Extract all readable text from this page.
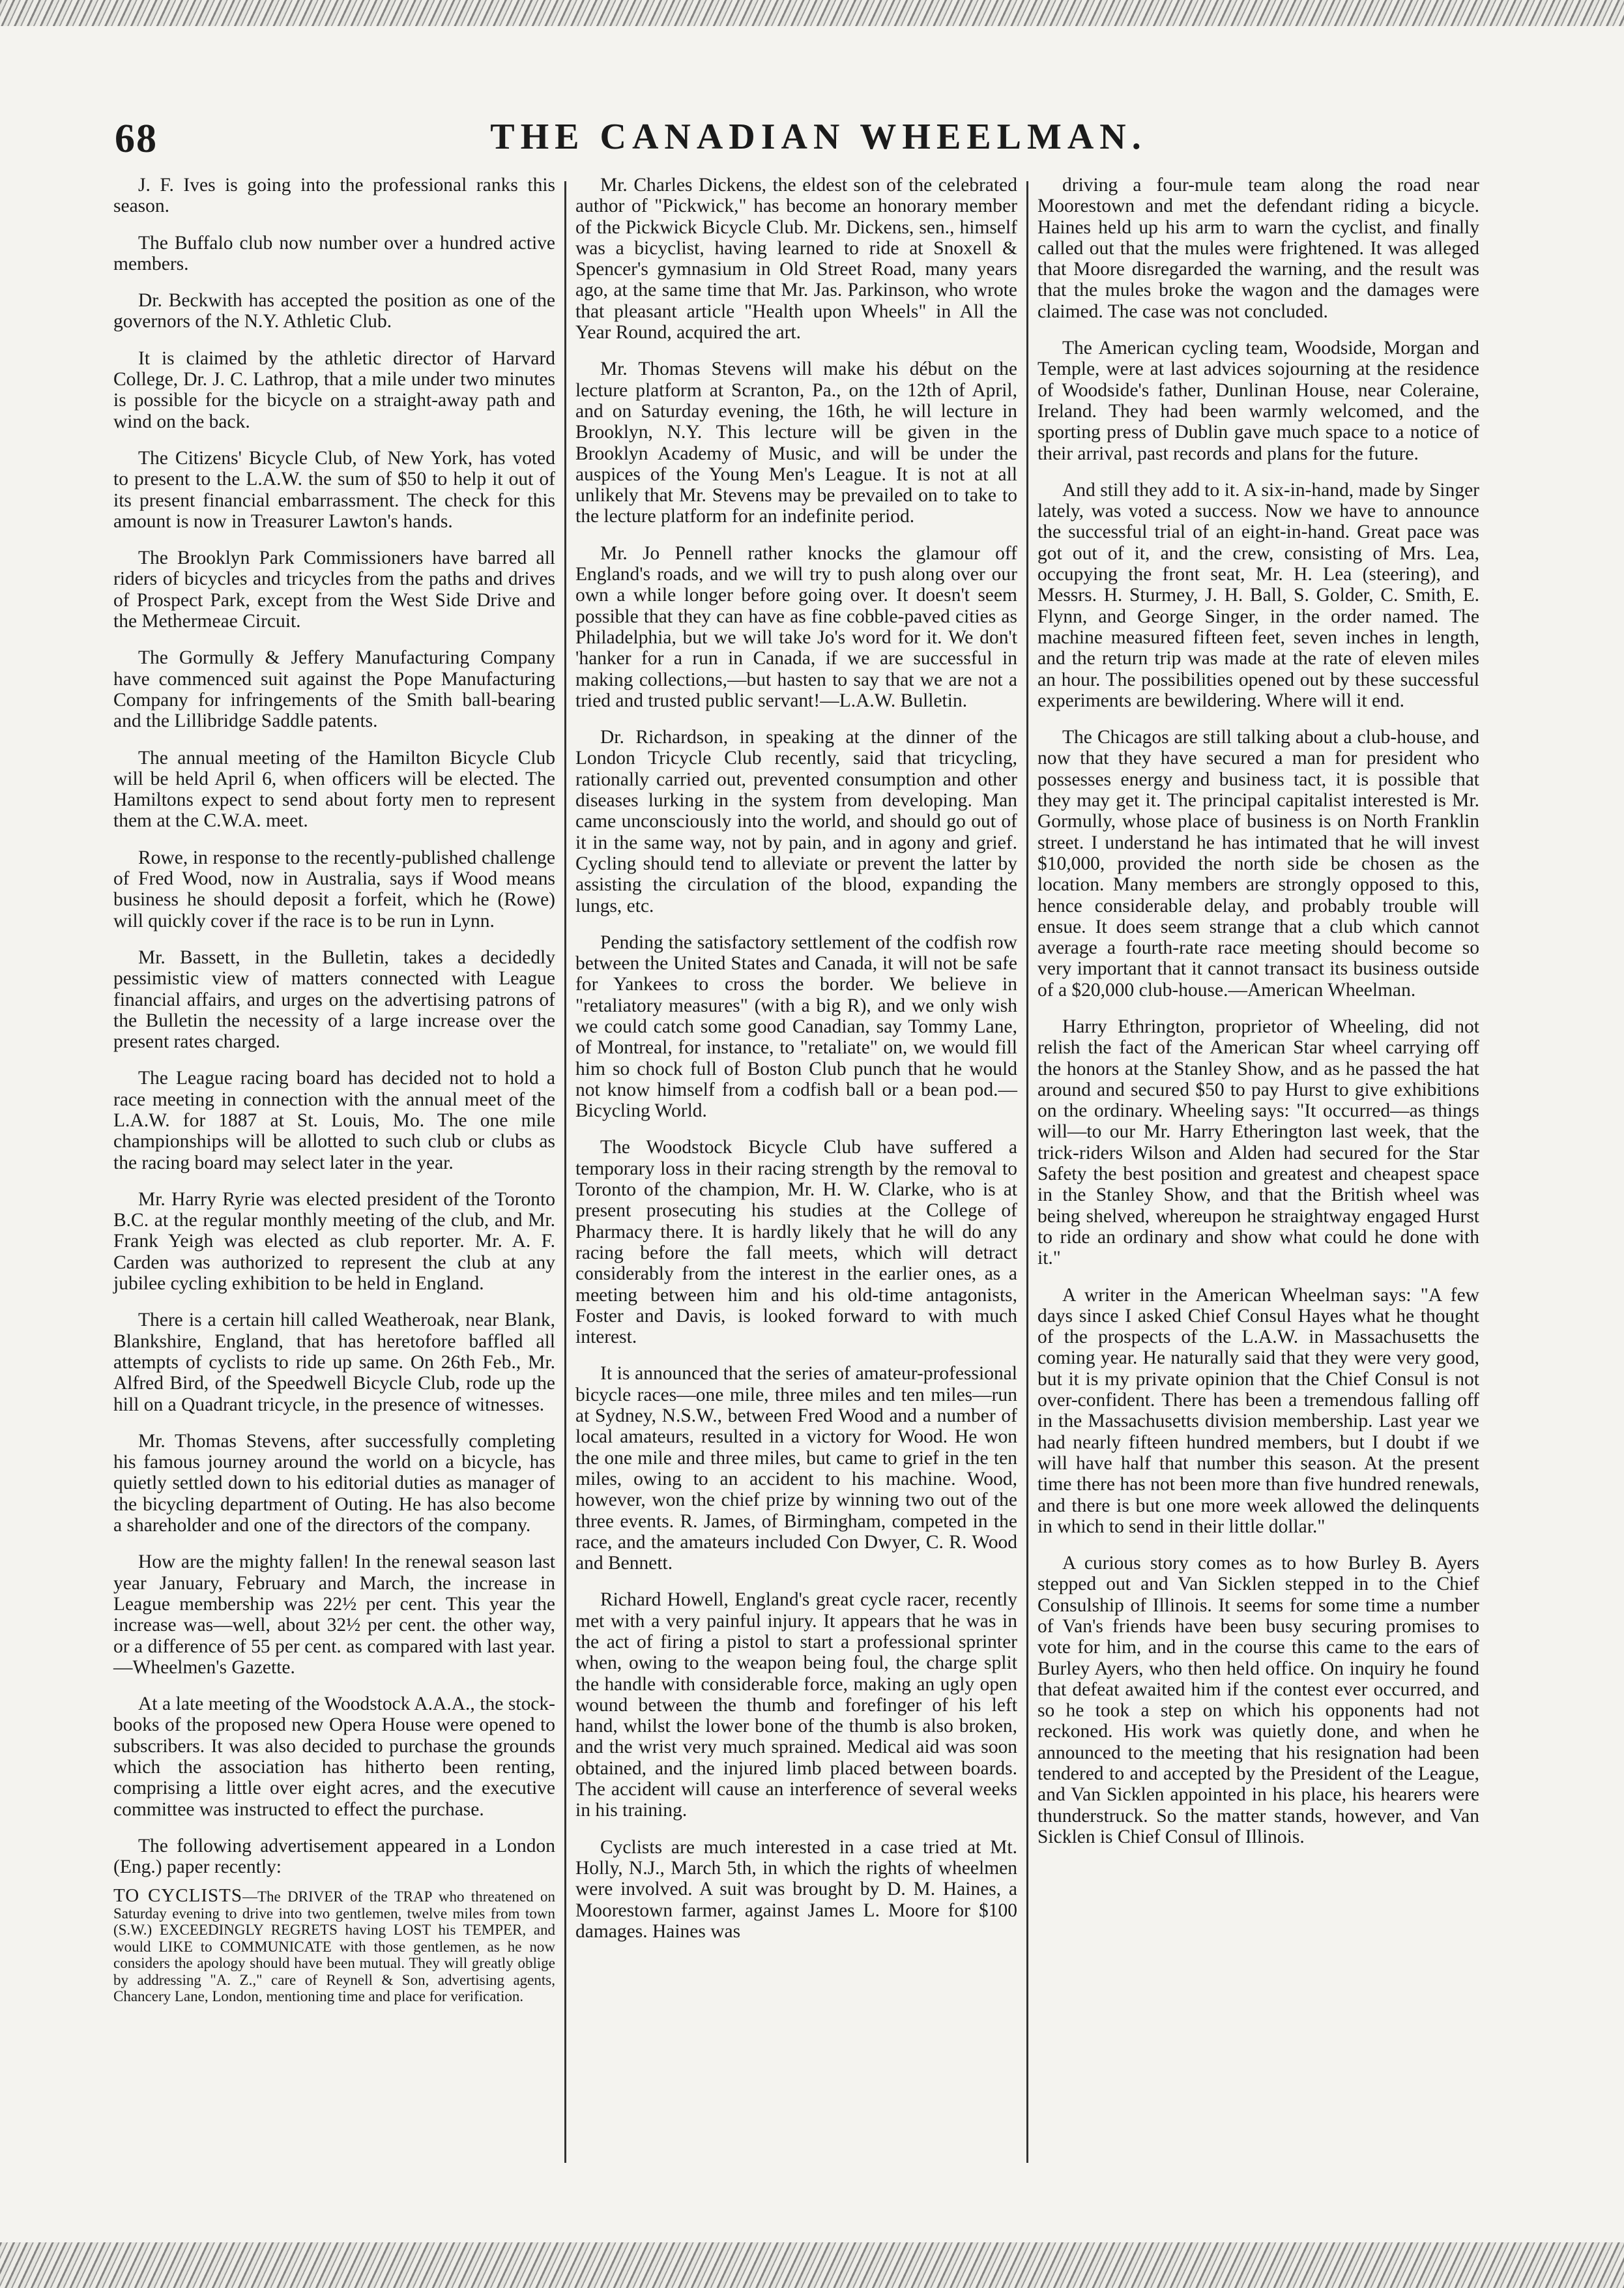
68	THE CANADIAN WHEELMAN.

J. F. Ives is going into the professional ranks this season.

The Buffalo club now number over a hundred active members.

Dr. Beckwith has accepted the position as one of the governors of the N.Y. Athletic Club.

It is claimed by the athletic director of Harvard College, Dr. J. C. Lathrop, that a mile under two minutes is possible for the bicycle on a straight-away path and wind on the back.

The Citizens' Bicycle Club, of New York, has voted to present to the L.A.W. the sum of $50 to help it out of its present financial embarrassment. The check for this amount is now in Treasurer Lawton's hands.

The Brooklyn Park Commissioners have barred all riders of bicycles and tricycles from the paths and drives of Prospect Park, except from the West Side Drive and the Methermeae Circuit.

The Gormully & Jeffery Manufacturing Company have commenced suit against the Pope Manufacturing Company for infringements of the Smith ball-bearing and the Lillibridge Saddle patents.

The annual meeting of the Hamilton Bicycle Club will be held April 6, when officers will be elected. The Hamiltons expect to send about forty men to represent them at the C.W.A. meet.

Rowe, in response to the recently-published challenge of Fred Wood, now in Australia, says if Wood means business he should deposit a forfeit, which he (Rowe) will quickly cover if the race is to be run in Lynn.

Mr. Bassett, in the Bulletin, takes a decidedly pessimistic view of matters connected with League financial affairs, and urges on the advertising patrons of the Bulletin the necessity of a large increase over the present rates charged.

The League racing board has decided not to hold a race meeting in connection with the annual meet of the L.A.W. for 1887 at St. Louis, Mo. The one mile championships will be allotted to such club or clubs as the racing board may select later in the year.

Mr. Harry Ryrie was elected president of the Toronto B.C. at the regular monthly meeting of the club, and Mr. Frank Yeigh was elected as club reporter. Mr. A. F. Carden was authorized to represent the club at any jubilee cycling exhibition to be held in England.

There is a certain hill called Weatheroak, near Blank, Blankshire, England, that has heretofore baffled all attempts of cyclists to ride up same. On 26th Feb., Mr. Alfred Bird, of the Speedwell Bicycle Club, rode up the hill on a Quadrant tricycle, in the presence of witnesses.

Mr. Thomas Stevens, after successfully completing his famous journey around the world on a bicycle, has quietly settled down to his editorial duties as manager of the bicycling department of Outing. He has also become a shareholder and one of the directors of the company.

How are the mighty fallen! In the renewal season last year January, February and March, the increase in League membership was 22½ per cent. This year the increase was—well, about 32½ per cent. the other way, or a difference of 55 per cent. as compared with last year.—Wheelmen's Gazette.

At a late meeting of the Woodstock A.A.A., the stock-books of the proposed new Opera House were opened to subscribers. It was also decided to purchase the grounds which the association has hitherto been renting, comprising a little over eight acres, and the executive committee was instructed to effect the purchase.

The following advertisement appeared in a London (Eng.) paper recently:

TO CYCLISTS—The DRIVER of the TRAP who threatened on Saturday evening to drive into two gentlemen, twelve miles from town (S.W.) EXCEEDINGLY REGRETS having LOST his TEMPER, and would LIKE to COMMUNICATE with those gentlemen, as he now considers the apology should have been mutual. They will greatly oblige by addressing "A. Z.," care of Reynell & Son, advertising agents, Chancery Lane, London, mentioning time and place for verification.

Mr. Charles Dickens, the eldest son of the celebrated author of "Pickwick," has become an honorary member of the Pickwick Bicycle Club. Mr. Dickens, sen., himself was a bicyclist, having learned to ride at Snoxell & Spencer's gymnasium in Old Street Road, many years ago, at the same time that Mr. Jas. Parkinson, who wrote that pleasant article "Health upon Wheels" in All the Year Round, acquired the art.

Mr. Thomas Stevens will make his début on the lecture platform at Scranton, Pa., on the 12th of April, and on Saturday evening, the 16th, he will lecture in Brooklyn, N.Y. This lecture will be given in the Brooklyn Academy of Music, and will be under the auspices of the Young Men's League. It is not at all unlikely that Mr. Stevens may be prevailed on to take to the lecture platform for an indefinite period.

Mr. Jo Pennell rather knocks the glamour off England's roads, and we will try to push along over our own a while longer before going over. It doesn't seem possible that they can have as fine cobble-paved cities as Philadelphia, but we will take Jo's word for it. We don't 'hanker for a run in Canada, if we are successful in making collections,—but hasten to say that we are not a tried and trusted public servant!—L.A.W. Bulletin.

Dr. Richardson, in speaking at the dinner of the London Tricycle Club recently, said that tricycling, rationally carried out, prevented consumption and other diseases lurking in the system from developing. Man came unconsciously into the world, and should go out of it in the same way, not by pain, and in agony and grief. Cycling should tend to alleviate or prevent the latter by assisting the circulation of the blood, expanding the lungs, etc.

Pending the satisfactory settlement of the codfish row between the United States and Canada, it will not be safe for Yankees to cross the border. We believe in "retaliatory measures" (with a big R), and we only wish we could catch some good Canadian, say Tommy Lane, of Montreal, for instance, to "retaliate" on, we would fill him so chock full of Boston Club punch that he would not know himself from a codfish ball or a bean pod.—Bicycling World.

The Woodstock Bicycle Club have suffered a temporary loss in their racing strength by the removal to Toronto of the champion, Mr. H. W. Clarke, who is at present prosecuting his studies at the College of Pharmacy there. It is hardly likely that he will do any racing before the fall meets, which will detract considerably from the interest in the earlier ones, as a meeting between him and his old-time antagonists, Foster and Davis, is looked forward to with much interest.

It is announced that the series of amateur-professional bicycle races—one mile, three miles and ten miles—run at Sydney, N.S.W., between Fred Wood and a number of local amateurs, resulted in a victory for Wood. He won the one mile and three miles, but came to grief in the ten miles, owing to an accident to his machine. Wood, however, won the chief prize by winning two out of the three events. R. James, of Birmingham, competed in the race, and the amateurs included Con Dwyer, C. R. Wood and Bennett.

Richard Howell, England's great cycle racer, recently met with a very painful injury. It appears that he was in the act of firing a pistol to start a professional sprinter when, owing to the weapon being foul, the charge split the handle with considerable force, making an ugly open wound between the thumb and forefinger of his left hand, whilst the lower bone of the thumb is also broken, and the wrist very much sprained. Medical aid was soon obtained, and the injured limb placed between boards. The accident will cause an interference of several weeks in his training.

Cyclists are much interested in a case tried at Mt. Holly, N.J., March 5th, in which the rights of wheelmen were involved. A suit was brought by D. M. Haines, a Moorestown farmer, against James L. Moore for $100 damages. Haines was

driving a four-mule team along the road near Moorestown and met the defendant riding a bicycle. Haines held up his arm to warn the cyclist, and finally called out that the mules were frightened. It was alleged that Moore disregarded the warning, and the result was that the mules broke the wagon and the damages were claimed. The case was not concluded.

The American cycling team, Woodside, Morgan and Temple, were at last advices sojourning at the residence of Woodside's father, Dunlinan House, near Coleraine, Ireland. They had been warmly welcomed, and the sporting press of Dublin gave much space to a notice of their arrival, past records and plans for the future.

And still they add to it. A six-in-hand, made by Singer lately, was voted a success. Now we have to announce the successful trial of an eight-in-hand. Great pace was got out of it, and the crew, consisting of Mrs. Lea, occupying the front seat, Mr. H. Lea (steering), and Messrs. H. Sturmey, J. H. Ball, S. Golder, C. Smith, E. Flynn, and George Singer, in the order named. The machine measured fifteen feet, seven inches in length, and the return trip was made at the rate of eleven miles an hour. The possibilities opened out by these successful experiments are bewildering. Where will it end.

The Chicagos are still talking about a club-house, and now that they have secured a man for president who possesses energy and business tact, it is possible that they may get it. The principal capitalist interested is Mr. Gormully, whose place of business is on North Franklin street. I understand he has intimated that he will invest $10,000, provided the north side be chosen as the location. Many members are strongly opposed to this, hence considerable delay, and probably trouble will ensue. It does seem strange that a club which cannot average a fourth-rate race meeting should become so very important that it cannot transact its business outside of a $20,000 club-house.—American Wheelman.

Harry Ethrington, proprietor of Wheeling, did not relish the fact of the American Star wheel carrying off the honors at the Stanley Show, and as he passed the hat around and secured $50 to pay Hurst to give exhibitions on the ordinary. Wheeling says: "It occurred—as things will—to our Mr. Harry Etherington last week, that the trick-riders Wilson and Alden had secured for the Star Safety the best position and greatest and cheapest space in the Stanley Show, and that the British wheel was being shelved, whereupon he straightway engaged Hurst to ride an ordinary and show what could he done with it."

A writer in the American Wheelman says: "A few days since I asked Chief Consul Hayes what he thought of the prospects of the L.A.W. in Massachusetts the coming year. He naturally said that they were very good, but it is my private opinion that the Chief Consul is not over-confident. There has been a tremendous falling off in the Massachusetts division membership. Last year we had nearly fifteen hundred members, but I doubt if we will have half that number this season. At the present time there has not been more than five hundred renewals, and there is but one more week allowed the delinquents in which to send in their little dollar."

A curious story comes as to how Burley B. Ayers stepped out and Van Sicklen stepped in to the Chief Consulship of Illinois. It seems for some time a number of Van's friends have been busy securing promises to vote for him, and in the course this came to the ears of Burley Ayers, who then held office. On inquiry he found that defeat awaited him if the contest ever occurred, and so he took a step on which his opponents had not reckoned. His work was quietly done, and when he announced to the meeting that his resignation had been tendered to and accepted by the President of the League, and Van Sicklen appointed in his place, his hearers were thunderstruck. So the matter stands, however, and Van Sicklen is Chief Consul of Illinois.
